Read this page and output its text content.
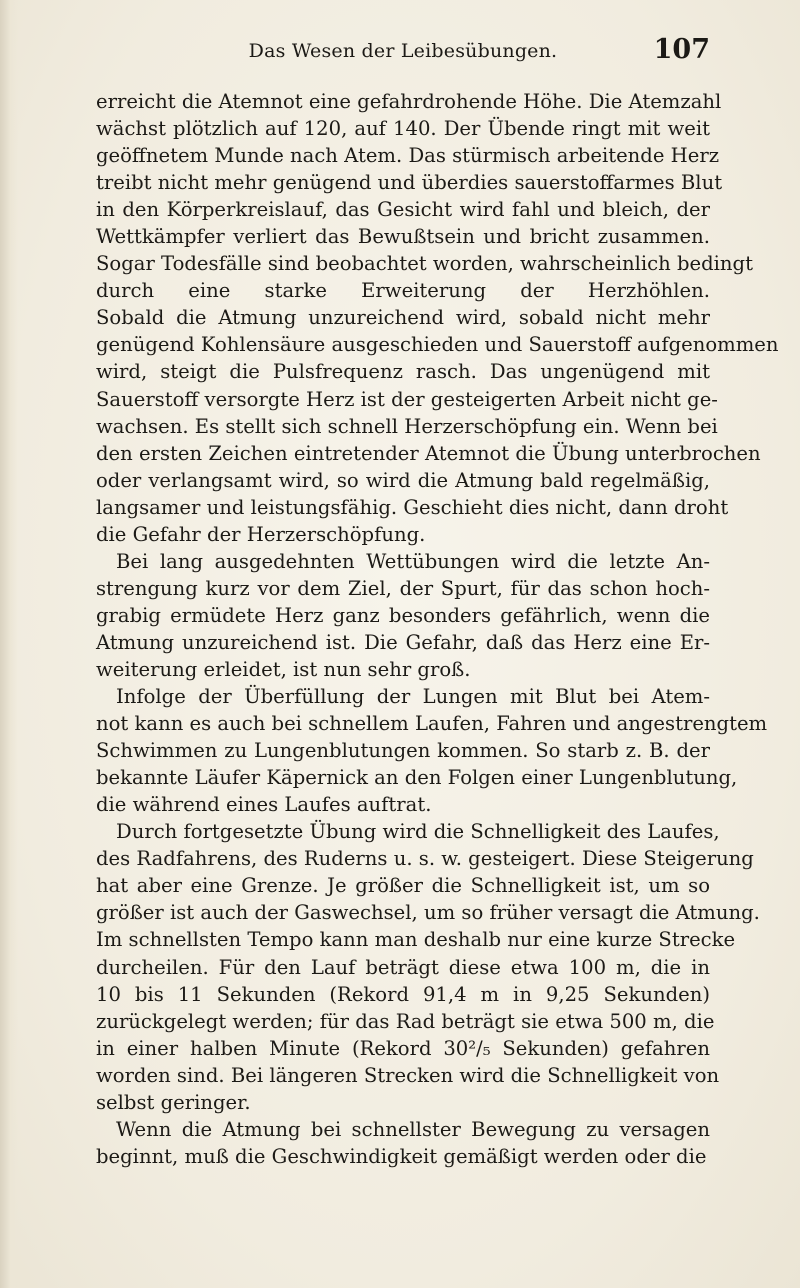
Das Wesen der Leibesübungen.	107
erreicht die Atemnot eine gefahrdrohende Höhe. Die Atemzahl
wächst plötzlich auf 120, auf 140. Der Übende ringt mit weit
geöffnetem Munde nach Atem. Das stürmisch arbeitende Herz
treibt nicht mehr genügend und überdies sauerstoffarmes Blut
in den Körperkreislauf, das Gesicht wird fahl und bleich, der
Wettkämpfer verliert das Bewußtsein und bricht zusammen.
Sogar Todesfälle sind beobachtet worden, wahrscheinlich bedingt
durch eine starke Erweiterung der Herzhöhlen.
Sobald die Atmung unzureichend wird, sobald nicht mehr
genügend Kohlensäure ausgeschieden und Sauerstoff aufgenommen
wird, steigt die Pulsfrequenz rasch. Das ungenügend mit
Sauerstoff versorgte Herz ist der gesteigerten Arbeit nicht ge-
wachsen. Es stellt sich schnell Herzerschöpfung ein. Wenn bei
den ersten Zeichen eintretender Atemnot die Übung unterbrochen
oder verlangsamt wird, so wird die Atmung bald regelmäßig,
langsamer und leistungsfähig. Geschieht dies nicht, dann droht
die Gefahr der Herzerschöpfung.
Bei lang ausgedehnten Wettübungen wird die letzte An-
strengung kurz vor dem Ziel, der Spurt, für das schon hoch-
grabig ermüdete Herz ganz besonders gefährlich, wenn die
Atmung unzureichend ist. Die Gefahr, daß das Herz eine Er-
weiterung erleidet, ist nun sehr groß.
Infolge der Überfüllung der Lungen mit Blut bei Atem-
not kann es auch bei schnellem Laufen, Fahren und angestrengtem
Schwimmen zu Lungenblutungen kommen. So starb z. B. der
bekannte Läufer Käpernick an den Folgen einer Lungenblutung,
die während eines Laufes auftrat.
Durch fortgesetzte Übung wird die Schnelligkeit des Laufes,
des Radfahrens, des Ruderns u. s. w. gesteigert. Diese Steigerung
hat aber eine Grenze. Je größer die Schnelligkeit ist, um so
größer ist auch der Gaswechsel, um so früher versagt die Atmung.
Im schnellsten Tempo kann man deshalb nur eine kurze Strecke
durcheilen. Für den Lauf beträgt diese etwa 100 m, die in
10 bis 11 Sekunden (Rekord 91,4 m in 9,25 Sekunden)
zurückgelegt werden; für das Rad beträgt sie etwa 500 m, die
in einer halben Minute (Rekord 30²/₅ Sekunden) gefahren
worden sind. Bei längeren Strecken wird die Schnelligkeit von
selbst geringer.
Wenn die Atmung bei schnellster Bewegung zu versagen
beginnt, muß die Geschwindigkeit gemäßigt werden oder die
